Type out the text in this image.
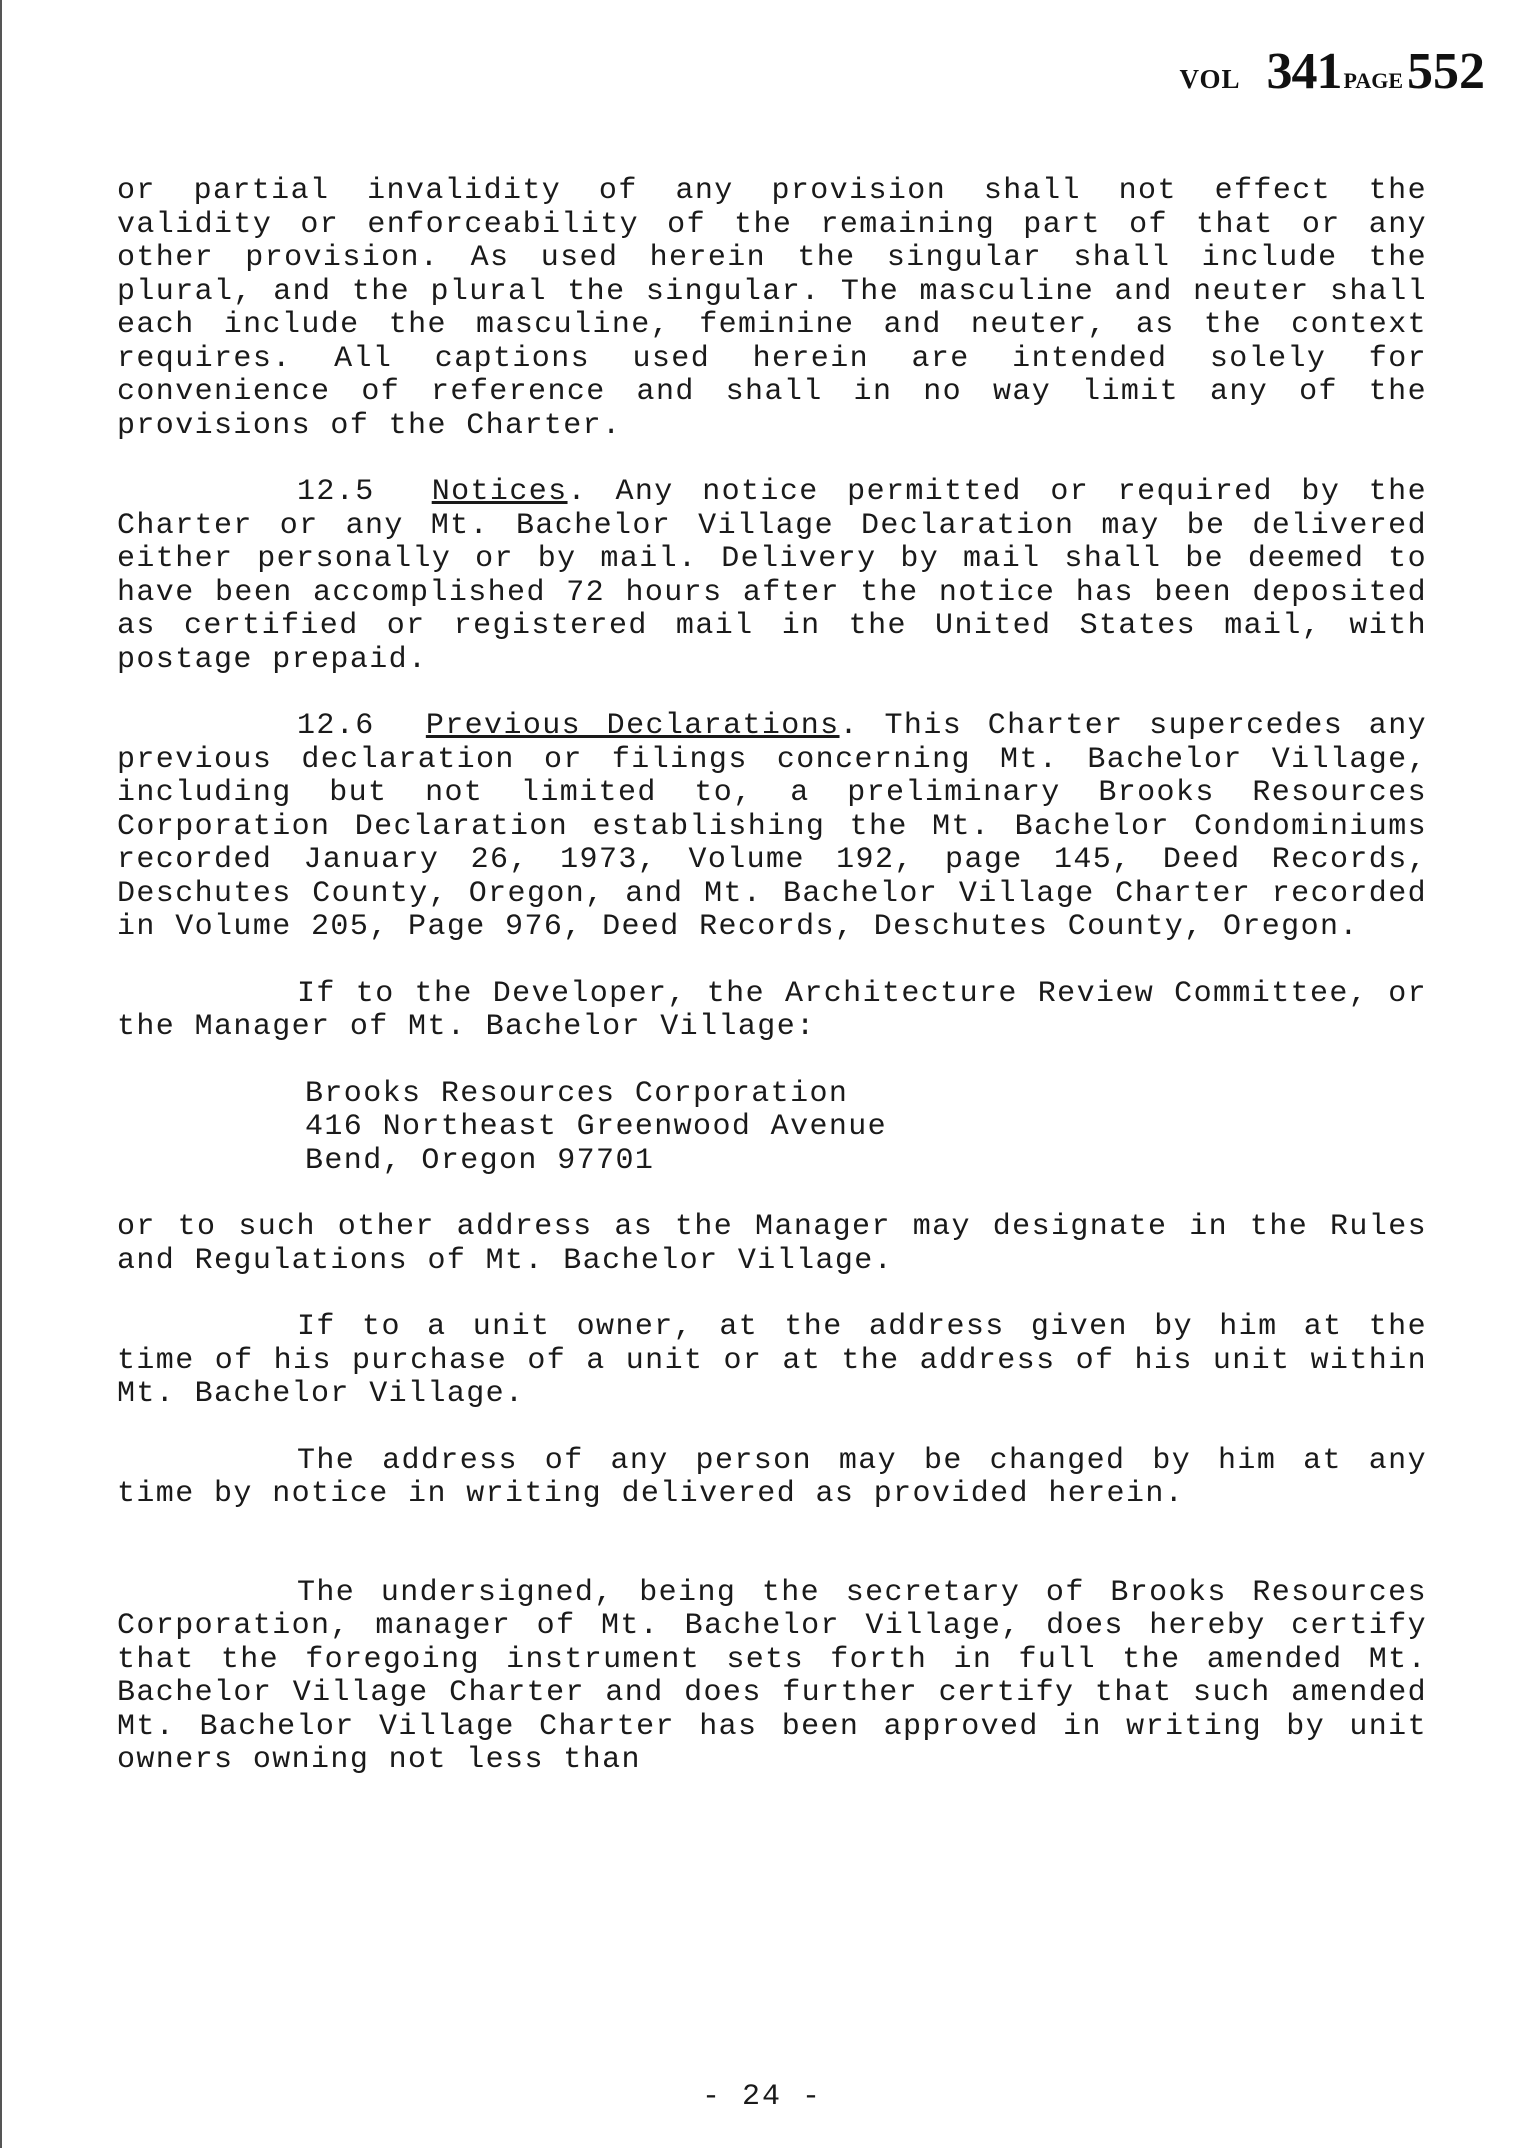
VOL 341PAGE552

or partial invalidity of any provision shall not effect the validity or enforceability of the remaining part of that or any other provision. As used herein the singular shall include the plural, and the plural the singular. The masculine and neuter shall each include the masculine, feminine and neuter, as the context requires. All captions used herein are intended solely for convenience of reference and shall in no way limit any of the provisions of the Charter.

12.5 Notices. Any notice permitted or required by the Charter or any Mt. Bachelor Village Declaration may be delivered either personally or by mail. Delivery by mail shall be deemed to have been accomplished 72 hours after the notice has been deposited as certified or registered mail in the United States mail, with postage prepaid.

12.6 Previous Declarations. This Charter supercedes any previous declaration or filings concerning Mt. Bachelor Village, including but not limited to, a preliminary Brooks Resources Corporation Declaration establishing the Mt. Bachelor Condominiums recorded January 26, 1973, Volume 192, page 145, Deed Records, Deschutes County, Oregon, and Mt. Bachelor Village Charter recorded in Volume 205, Page 976, Deed Records, Deschutes County, Oregon.

If to the Developer, the Architecture Review Committee, or the Manager of Mt. Bachelor Village:

Brooks Resources Corporation
416 Northeast Greenwood Avenue
Bend, Oregon 97701

or to such other address as the Manager may designate in the Rules and Regulations of Mt. Bachelor Village.

If to a unit owner, at the address given by him at the time of his purchase of a unit or at the address of his unit within Mt. Bachelor Village.

The address of any person may be changed by him at any time by notice in writing delivered as provided herein.

The undersigned, being the secretary of Brooks Resources Corporation, manager of Mt. Bachelor Village, does hereby certify that the foregoing instrument sets forth in full the amended Mt. Bachelor Village Charter and does further certify that such amended Mt. Bachelor Village Charter has been approved in writing by unit owners owning not less than

- 24 -
